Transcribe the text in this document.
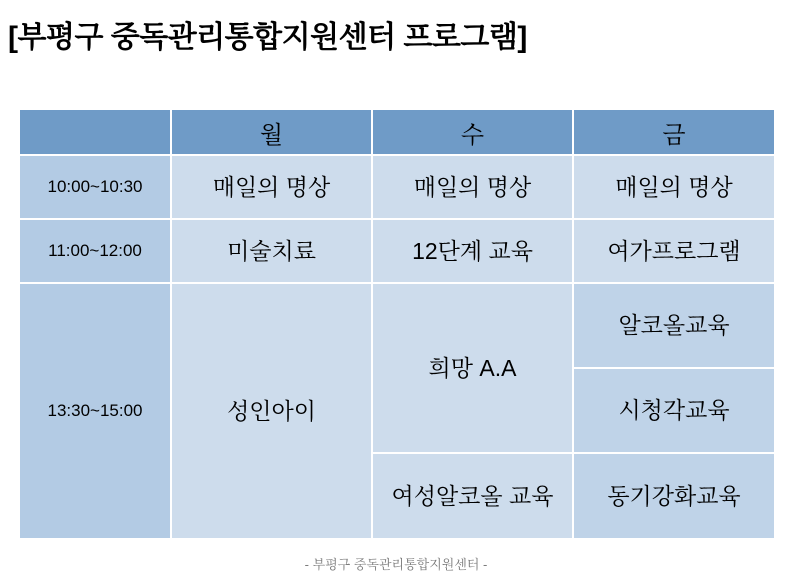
[부평구 중독관리통합지원센터 프로그램]
	월	수	금
10:00~10:30	매일의 명상	매일의 명상	매일의 명상
11:00~12:00	미술치료	12단계 교육	여가프로그램
13:30~15:00	성인아이	희망 A.A	알코올교육
			시청각교육
		여성알코올 교육	동기강화교육
- 부평구 중독관리통합지원센터 -
